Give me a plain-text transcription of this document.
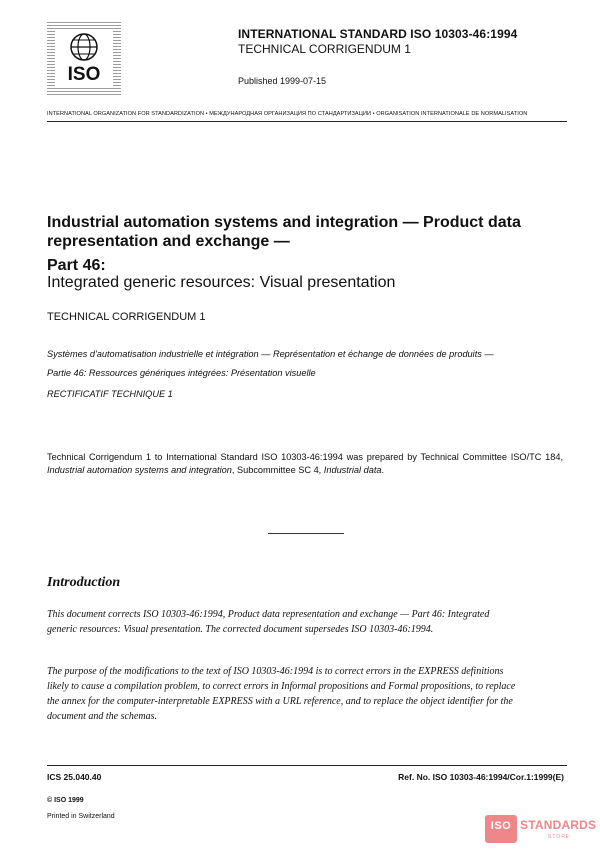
ISO
INTERNATIONAL STANDARD ISO 10303-46:1994
TECHNICAL CORRIGENDUM 1
Published 1999-07-15
INTERNATIONAL ORGANIZATION FOR STANDARDIZATION • МЕЖДУНАРОДНАЯ ОРГАНИЗАЦИЯ ПО СТАНДАРТИЗАЦИИ • ORGANISATION INTERNATIONALE DE NORMALISATION
Industrial automation systems and integration — Product data representation and exchange —
Part 46:
Integrated generic resources: Visual presentation
TECHNICAL CORRIGENDUM 1
Systèmes d'automatisation industrielle et intégration — Représentation et échange de données de produits —
Partie 46: Ressources génériques intégrées: Présentation visuelle
RECTIFICATIF TECHNIQUE 1
Technical Corrigendum 1 to International Standard ISO 10303-46:1994 was prepared by Technical Committee ISO/TC 184, Industrial automation systems and integration, Subcommittee SC 4, Industrial data.
Introduction
This document corrects ISO 10303-46:1994, Product data representation and exchange — Part 46: Integrated generic resources: Visual presentation. The corrected document supersedes ISO 10303-46:1994.
The purpose of the modifications to the text of ISO 10303-46:1994 is to correct errors in the EXPRESS definitions likely to cause a compilation problem, to correct errors in Informal propositions and Formal propositions, to replace the annex for the computer-interpretable EXPRESS with a URL reference, and to replace the object identifier for the document and the schemas.
ICS 25.040.40	Ref. No. ISO 10303-46:1994/Cor.1:1999(E)
© ISO 1999
Printed in Switzerland
ISO STANDARDS
STORE
